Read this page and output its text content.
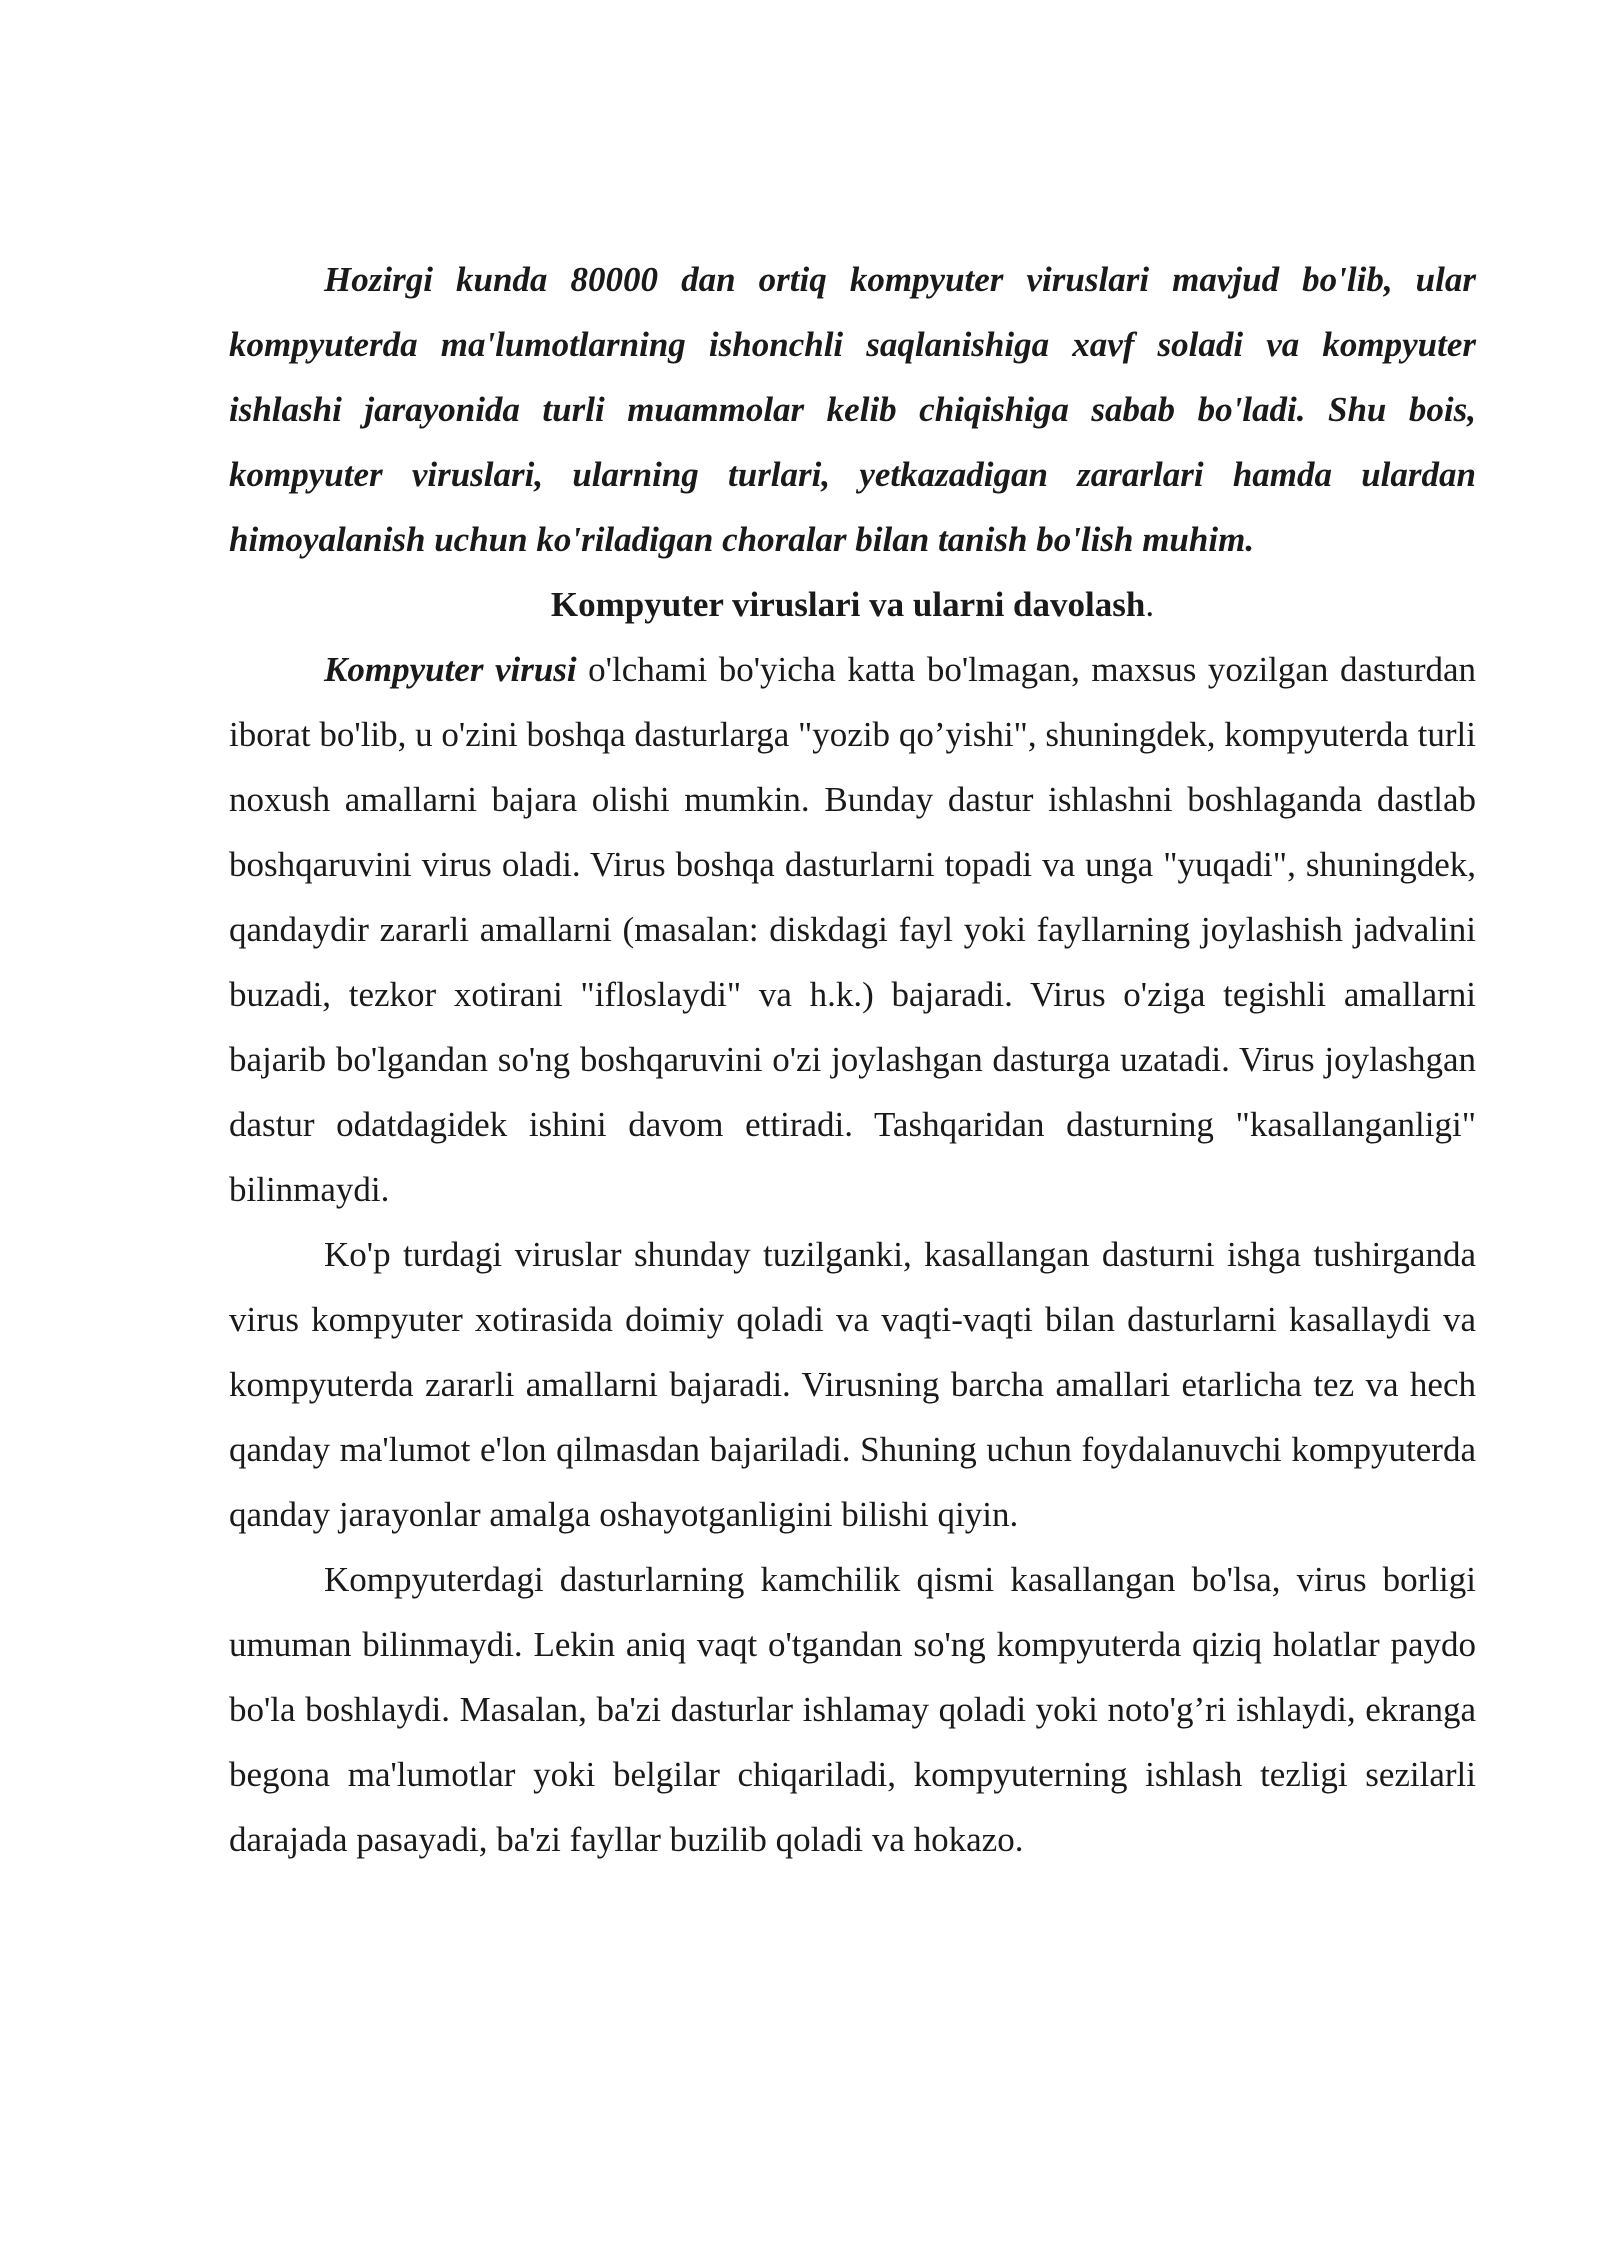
Hozirgi kunda 80000 dan ortiq kompyuter viruslari mavjud bo'lib, ular kompyuterda ma'lumotlarning ishonchli saqlanishiga xavf soladi va kompyuter ishlashi jarayonida turli muammolar kelib chiqishiga sabab bo'ladi. Shu bois, kompyuter viruslari, ularning turlari, yetkazadigan zararlari hamda ulardan himoyalanish uchun ko'riladigan choralar bilan tanish bo'lish muhim.

Kompyuter viruslari va ularni davolash.

Kompyuter virusi o'lchami bo'yicha katta bo'lmagan, maxsus yozilgan dasturdan iborat bo'lib, u o'zini boshqa dasturlarga "yozib qo’yishi", shuningdek, kompyuterda turli noxush amallarni bajara olishi mumkin. Bunday dastur ishlashni boshlaganda dastlab boshqaruvini virus oladi. Virus boshqa dasturlarni topadi va unga "yuqadi", shuningdek, qandaydir zararli amallarni (masalan: diskdagi fayl yoki fayllarning joylashish jadvalini buzadi, tezkor xotirani "ifloslaydi" va h.k.) bajaradi. Virus o'ziga tegishli amallarni bajarib bo'lgandan so'ng boshqaruvini o'zi joylashgan dasturga uzatadi. Virus joylashgan dastur odatdagidek ishini davom ettiradi. Tashqaridan dasturning "kasallanganligi" bilinmaydi.

Ko'p turdagi viruslar shunday tuzilganki, kasallangan dasturni ishga tushirganda virus kompyuter xotirasida doimiy qoladi va vaqti-vaqti bilan dasturlarni kasallaydi va kompyuterda zararli amallarni bajaradi. Virusning barcha amallari etarlicha tez va hech qanday ma'lumot e'lon qilmasdan bajariladi. Shuning uchun foydalanuvchi kompyuterda qanday jarayonlar amalga oshayotganligini bilishi qiyin.

Kompyuterdagi dasturlarning kamchilik qismi kasallangan bo'lsa, virus borligi umuman bilinmaydi. Lekin aniq vaqt o'tgandan so'ng kompyuterda qiziq holatlar paydo bo'la boshlaydi. Masalan, ba'zi dasturlar ishlamay qoladi yoki noto'g’ri ishlaydi, ekranga begona ma'lumotlar yoki belgilar chiqariladi, kompyuterning ishlash tezligi sezilarli darajada pasayadi, ba'zi fayllar buzilib qoladi va hokazo.
